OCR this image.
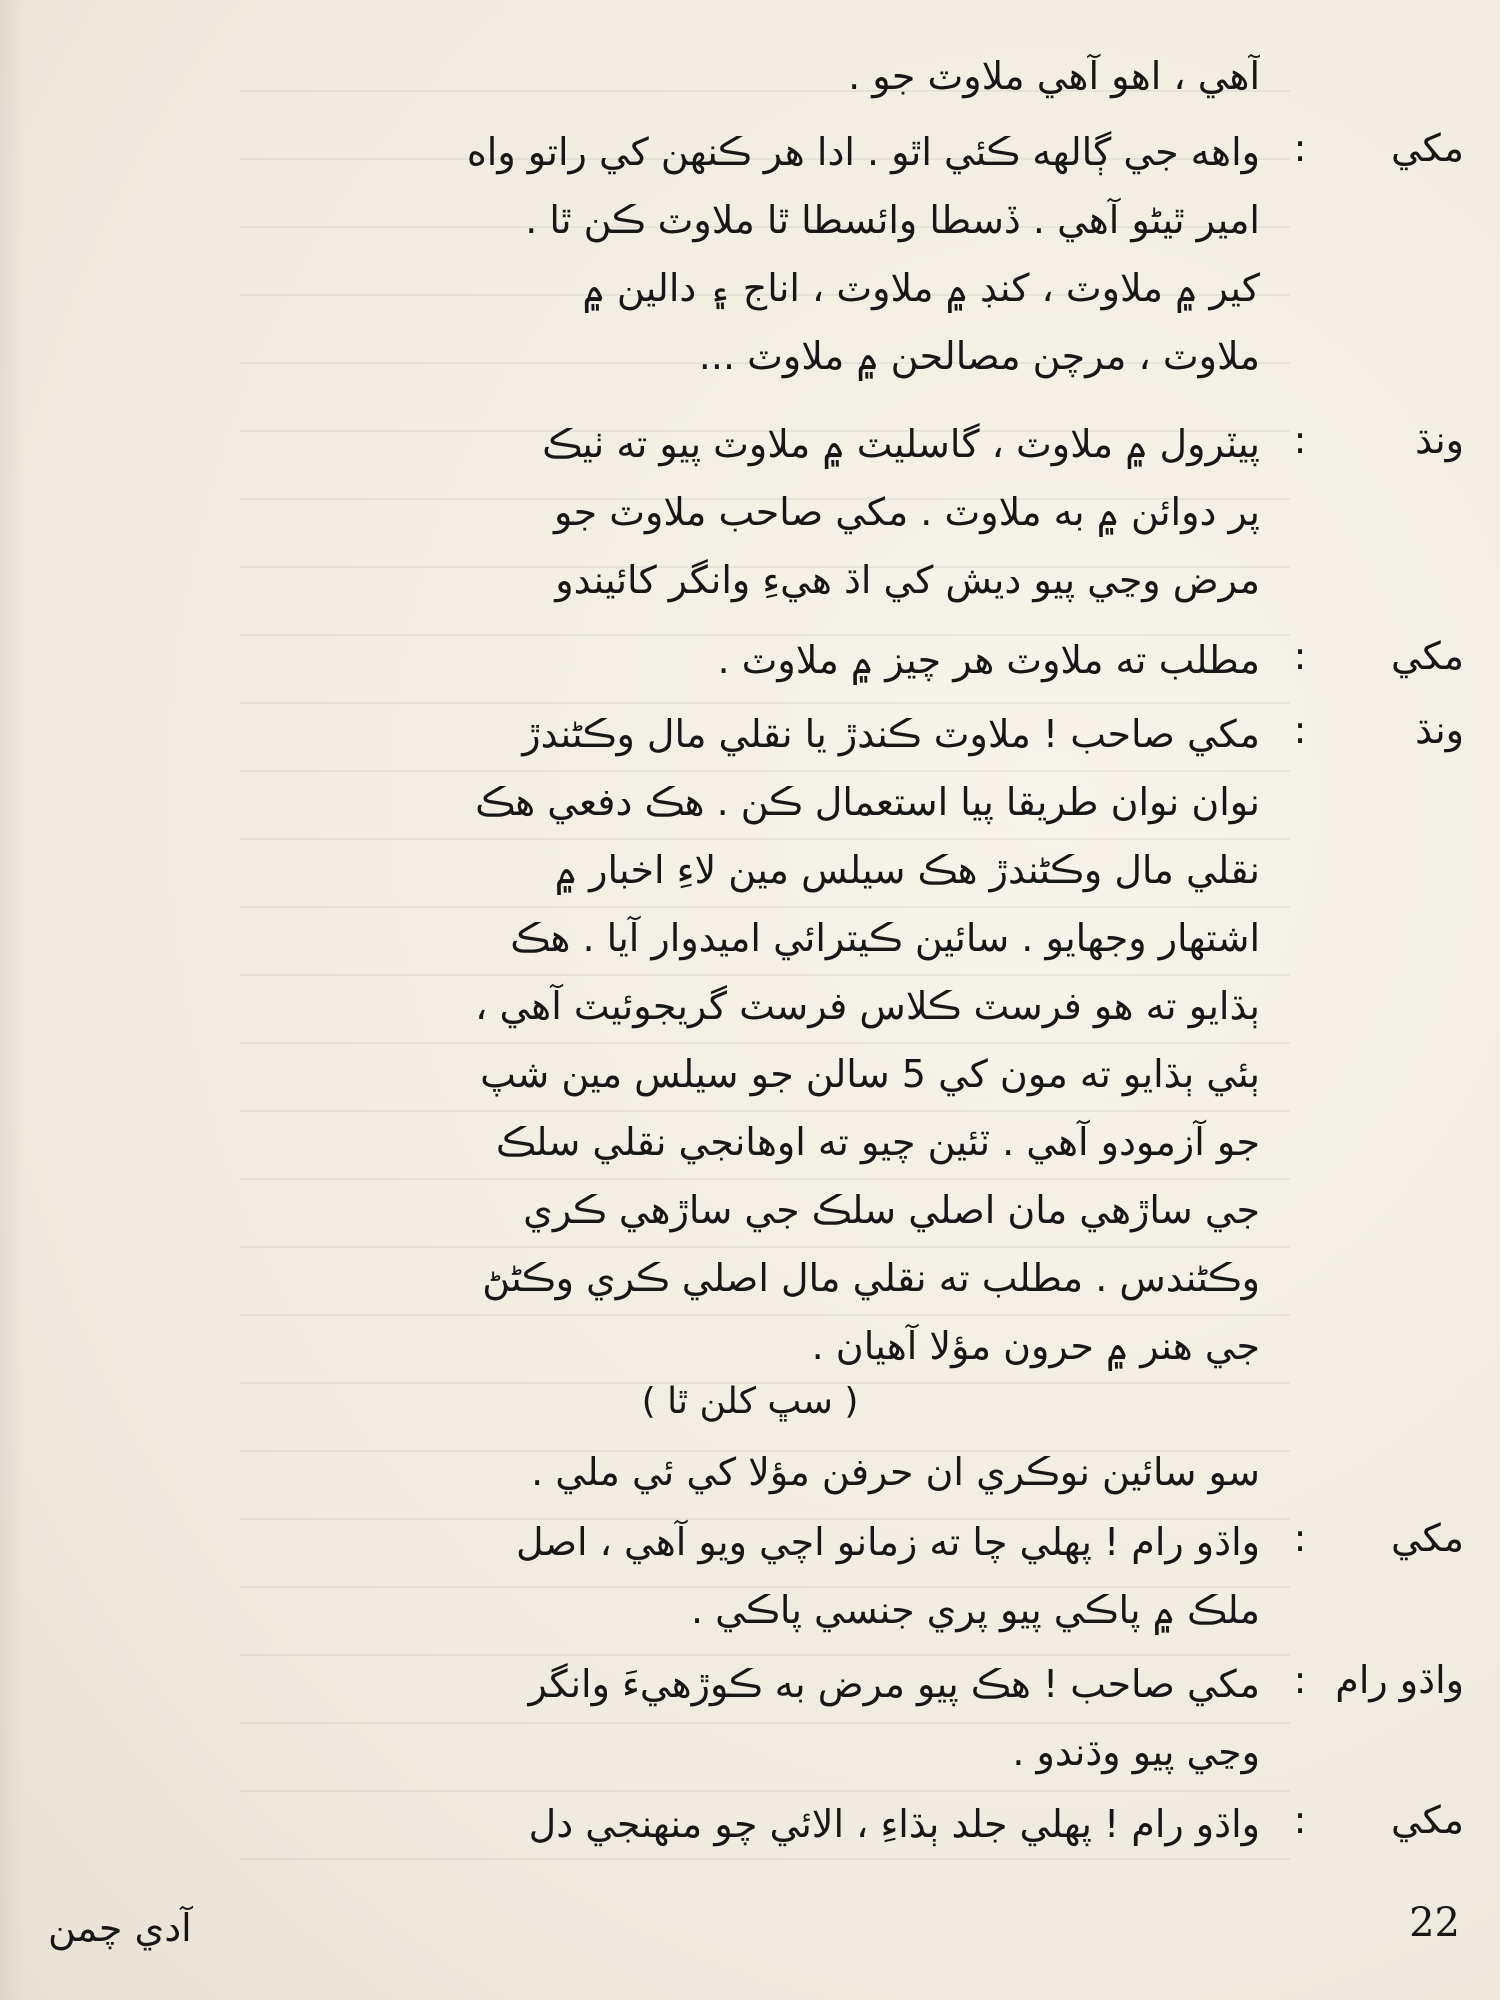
آهي ، اهو آهي ملاوٽ جو .
مکي
:
واهه جي ڳالهه ڪئي اٿو . ادا هر ڪنهن کي راتو واه
امير ٿيڻو آهي . ڏسطا وائسطا ٿا ملاوٽ ڪن ٿا .
کير ۾ ملاوٽ ، کنڊ ۾ ملاوٽ ، اناج ۽ دالين ۾
ملاوٽ ، مرچن مصالحن ۾ ملاوٽ ...
ونڌ
:
پيٽرول ۾ ملاوٽ ، گاسليٽ ۾ ملاوٽ پيو ته ٺيڪ
پر دوائن ۾ به ملاوٽ . مکي صاحب ملاوٽ جو
مرض وڃي پيو ديش کي اڌ هيءِ وانگر کائيندو
مکي
:
مطلب ته ملاوٽ هر چيز ۾ ملاوٽ .
ونڌ
:
مکي صاحب ! ملاوٽ ڪندڙ يا نقلي مال وڪڻندڙ
نوان نوان طريقا پيا استعمال ڪن . هڪ دفعي هڪ
نقلي مال وڪڻندڙ هڪ سيلس مين لاءِ اخبار ۾
اشتهار وجهايو . سائين ڪيترائي اميدوار آيا . هڪ
ٻڌايو ته هو فرسٽ ڪلاس فرسٽ گريجوئيٽ آهي ،
ٻئي ٻڌايو ته مون کي 5 سالن جو سيلس مين شپ
جو آزمودو آهي . ٽئين چيو ته اوهانجي نقلي سلڪ
جي ساڙهي مان اصلي سلڪ جي ساڙهي ڪري
وڪڻندس . مطلب ته نقلي مال اصلي ڪري وڪڻڻ
جي هنر ۾ حرون مؤلا آهيان .
( سڀ کلن ٿا )
سو سائين نوڪري ان حرفن مؤلا کي ئي ملي .
مکي
:
واڌو رام ! پهلي چا ته زمانو اچي ويو آهي ، اصل
ملڪ ۾ پاڪي پيو پري جنسي پاڪي .
واڌو رام
:
مکي صاحب ! هڪ پيو مرض به ڪوڙهيءَ وانگر
وڃي پيو وڌندو .
مکي
:
واڌو رام ! پهلي جلد ٻڌاءِ ، الائي چو منهنجي دل
آدي چمن	22
